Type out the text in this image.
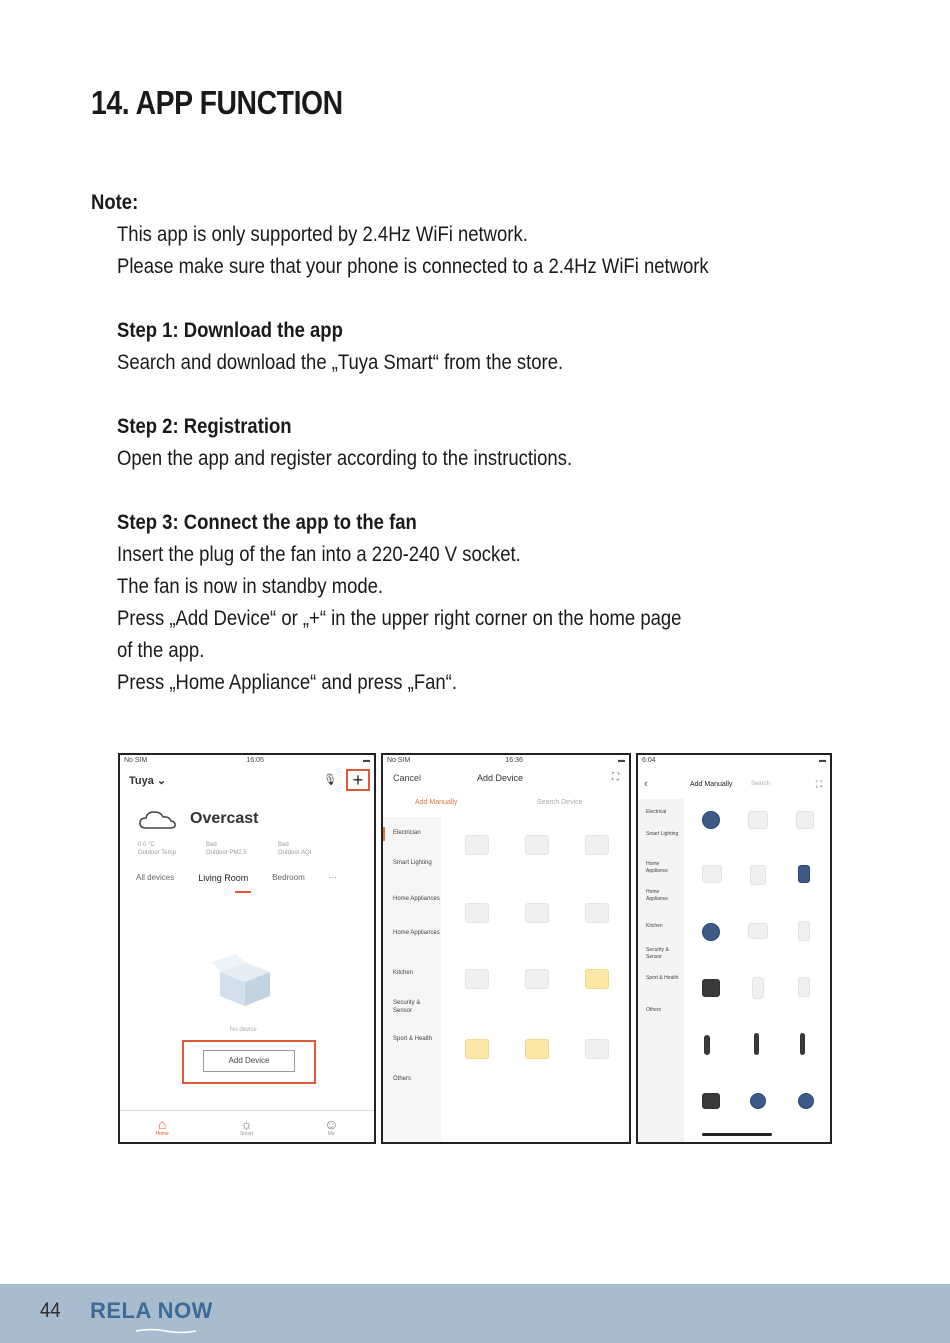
14. APP FUNCTION
Note:
This app is only supported by 2.4Hz WiFi network.
Please make sure that your phone is connected to a 2.4Hz WiFi network
Step 1: Download the app
Search and download the „Tuya Smart“ from the store.
Step 2: Registration
Open the app and register according to the instructions.
Step 3: Connect the app to the fan
Insert the plug of the fan into a 220-240 V socket.
The fan is now in standby mode.
Press „Add Device“ or „+“ in the upper right corner on the home page
of the app.
Press „Home Appliance“ and press „Fan“.
No SIM	16:05	▬
Tuya ⌄	🎙 +
Overcast
0.0 °C
Outdoor Temp
Bad
Outdoor PM2.5
Bad
Outdoor AQI
All devices	Living Room	Bedroom	···
No device
Add Device
⌂
Home
☼
Smart
☺
Me
No SIM	16:36	▬
Cancel	Add Device	⛶
Add Manually	Search Device
Electrician
Smart Lighting
Home Appliances
Home Appliances
Kitchen
Security & Sensor
Sport & Health
Others
6:04	▬
‹	Add Manually	Search	⛶
Electrical
Smart Lighting
Home Appliance
Home Appliance
Kitchen
Security & Sensor
Sport & Health
Others
44 RELA NOW
